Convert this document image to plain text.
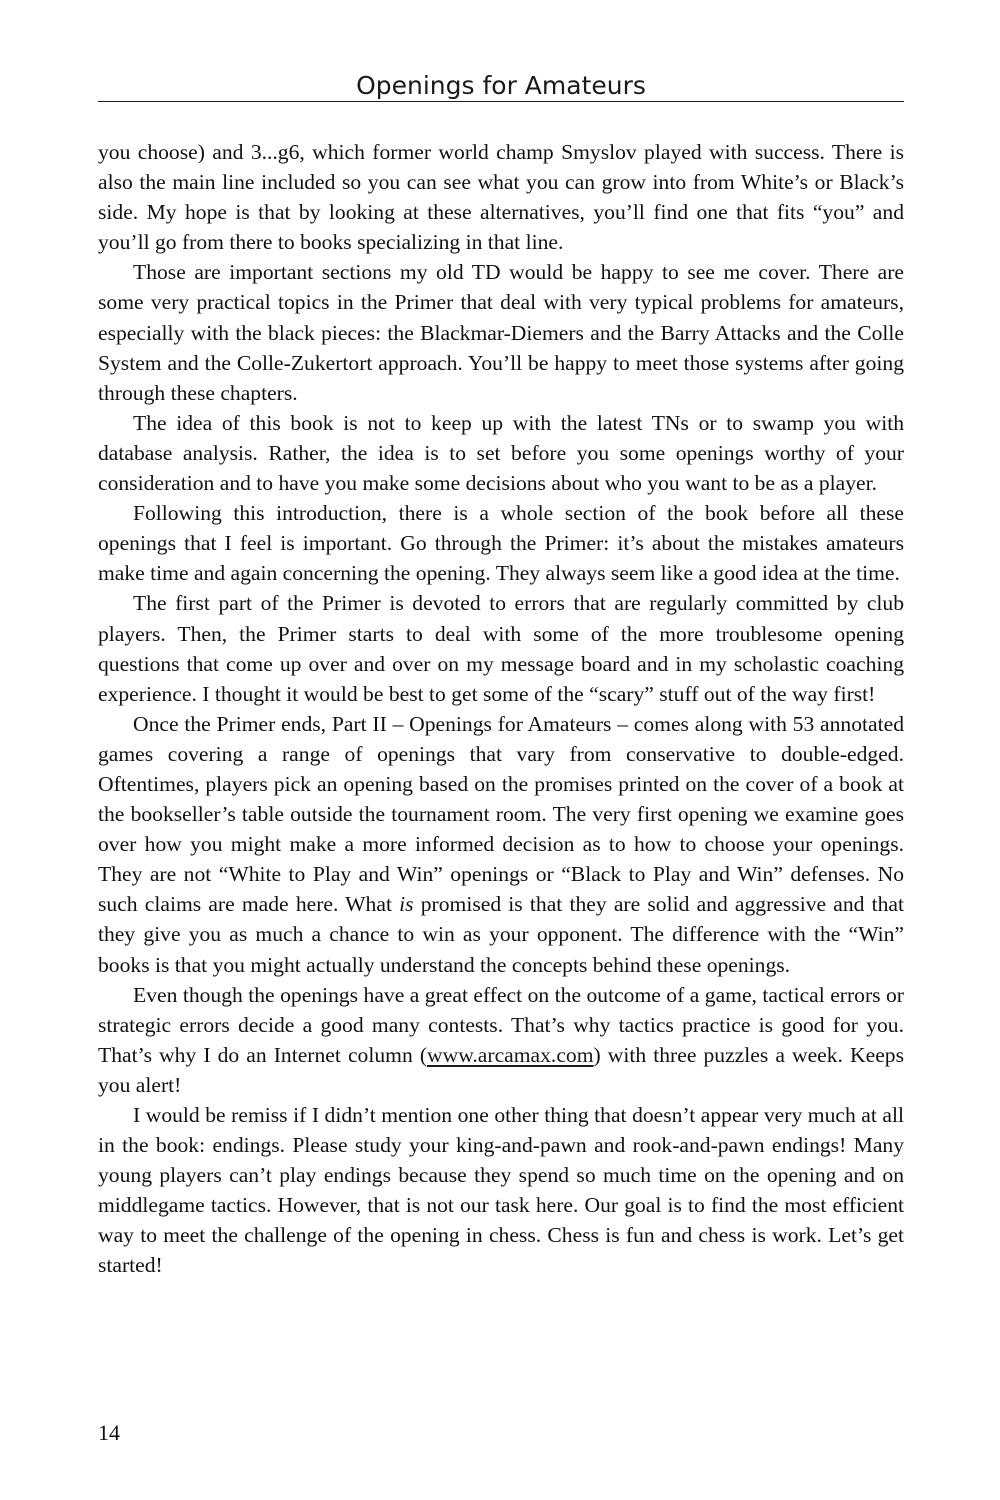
Openings for Amateurs

you choose) and 3...g6, which former world champ Smyslov played with success. There is also the main line included so you can see what you can grow into from White’s or Black’s side. My hope is that by looking at these alternatives, you’ll find one that fits “you” and you’ll go from there to books specializing in that line.

Those are important sections my old TD would be happy to see me cover. There are some very practical topics in the Primer that deal with very typical problems for amateurs, especially with the black pieces: the Blackmar-Diemers and the Barry Attacks and the Colle System and the Colle-Zukertort approach. You’ll be happy to meet those systems after going through these chapters.

The idea of this book is not to keep up with the latest TNs or to swamp you with database analysis. Rather, the idea is to set before you some openings worthy of your consideration and to have you make some decisions about who you want to be as a player.

Following this introduction, there is a whole section of the book before all these openings that I feel is important. Go through the Primer: it’s about the mistakes amateurs make time and again concerning the opening. They always seem like a good idea at the time.

The first part of the Primer is devoted to errors that are regularly committed by club players. Then, the Primer starts to deal with some of the more troublesome opening questions that come up over and over on my message board and in my scholastic coaching experience. I thought it would be best to get some of the “scary” stuff out of the way first!

Once the Primer ends, Part II – Openings for Amateurs – comes along with 53 annotated games covering a range of openings that vary from conservative to double-edged. Oftentimes, players pick an opening based on the promises printed on the cover of a book at the bookseller’s table outside the tournament room. The very first opening we examine goes over how you might make a more informed decision as to how to choose your openings. They are not “White to Play and Win” openings or “Black to Play and Win” defenses. No such claims are made here. What is promised is that they are solid and aggressive and that they give you as much a chance to win as your opponent. The difference with the “Win” books is that you might actually understand the concepts behind these openings.

Even though the openings have a great effect on the outcome of a game, tactical errors or strategic errors decide a good many contests. That’s why tactics practice is good for you. That’s why I do an Internet column (www.arcamax.com) with three puzzles a week. Keeps you alert!

I would be remiss if I didn’t mention one other thing that doesn’t appear very much at all in the book: endings. Please study your king-and-pawn and rook-and-pawn endings! Many young players can’t play endings because they spend so much time on the opening and on middlegame tactics. However, that is not our task here. Our goal is to find the most efficient way to meet the challenge of the opening in chess. Chess is fun and chess is work. Let’s get started!

14
